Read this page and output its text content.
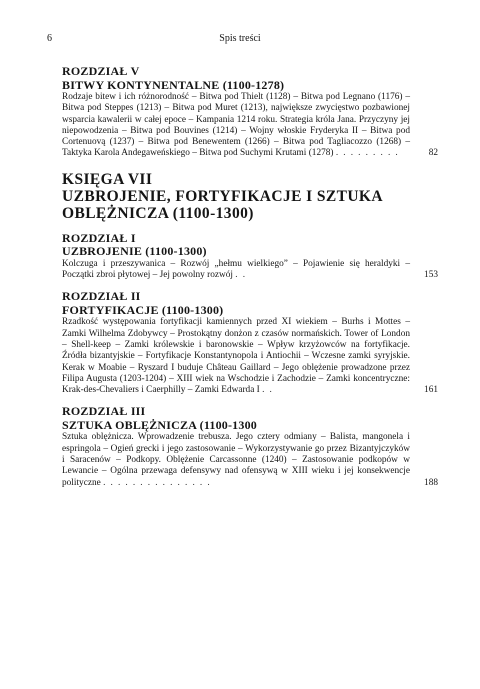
6	Spis treści
ROZDZIAŁ V
BITWY KONTYNENTALNE (1100-1278)
Rodzaje bitew i ich różnorodność – Bitwa pod Thielt (1128) – Bitwa pod Legnano (1176) – Bitwa pod Steppes (1213) – Bitwa pod Muret (1213), największe zwycięstwo pozbawionej wsparcia kawalerii w całej epoce – Kampania 1214 roku. Strategia króla Jana. Przyczyny jej niepowodzenia – Bitwa pod Bouvines (1214) – Wojny włoskie Fryderyka II – Bitwa pod Cortenuovą (1237) – Bitwa pod Benewentem (1266) – Bitwa pod Tagliacozzo (1268) – Taktyka Karola Andegaweńskiego – Bitwa pod Suchymi Krutami (1278) . . . . . . . . .	82
KSIĘGA VII
UZBROJENIE, FORTYFIKACJE I SZTUKA OBLĘŻNICZA (1100-1300)
ROZDZIAŁ I
UZBROJENIE (1100-1300)
Kolczuga i przeszywanica – Rozwój „hełmu wielkiego” – Pojawienie się heraldyki – Początki zbroi płytowej – Jej powolny rozwój . .	153
ROZDZIAŁ II
FORTYFIKACJE (1100-1300)
Rzadkość występowania fortyfikacji kamiennych przed XI wiekiem – Burhs i Mottes – Zamki Wilhelma Zdobywcy – Prostokątny donżon z czasów normańskich. Tower of London – Shell-keep – Zamki królewskie i baronowskie – Wpływ krzyżowców na fortyfikacje. Źródła bizantyjskie – Fortyfikacje Konstantynopola i Antiochii – Wczesne zamki syryjskie. Kerak w Moabie – Ryszard I buduje Château Gaillard – Jego oblężenie prowadzone przez Filipa Augusta (1203-1204) – XIII wiek na Wschodzie i Zachodzie – Zamki koncentryczne: Krak-des-Chevaliers i Caerphilly – Zamki Edwarda I . .	161
ROZDZIAŁ III
SZTUKA OBLĘŻNICZA (1100-1300
Sztuka oblężnicza. Wprowadzenie trebusza. Jego cztery odmiany – Balista, mangonela i espringola – Ogień grecki i jego zastosowanie – Wykorzystywanie go przez Bizantyjczyków i Saracenów – Podkopy. Oblężenie Carcassonne (1240) – Zastosowanie podkopów w Lewancie – Ogólna przewaga defensywy nad ofensywą w XIII wieku i jej konsekwencje polityczne . . . . . . . . . . . . . . .	188
